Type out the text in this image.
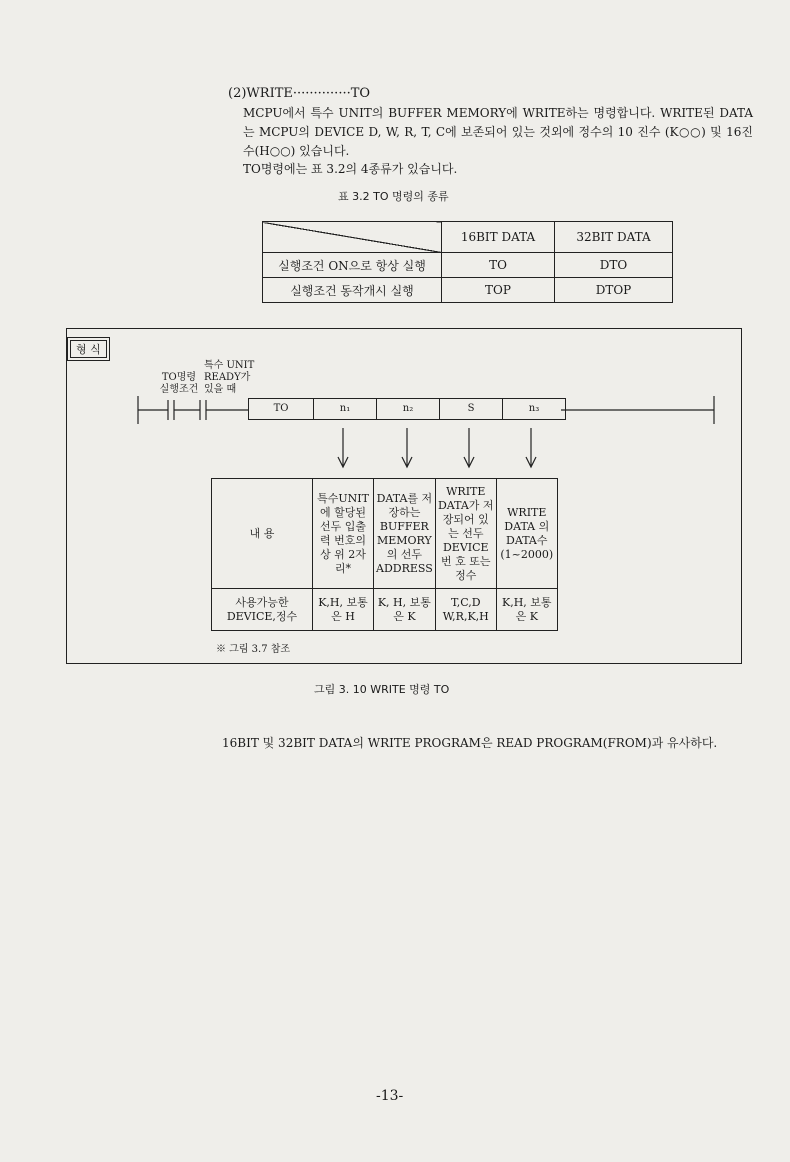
(2)WRITE··············TO
MCPU에서 특수 UNIT의 BUFFER MEMORY에 WRITE하는 명령합니다. WRITE된 DATA는 MCPU의 DEVICE D, W, R, T, C에 보존되어 있는 것외에 정수의 10 진수 (K○○) 및 16진수(H○○) 있습니다.
TO명령에는 표 3.2의 4종류가 있습니다.
표 3.2 TO 명령의 종류
	16BIT DATA	32BIT DATA
실행조건 ON으로 항상 실행	TO	DTO
실행조건 동작개시 실행	TOP	DTOP
형 식
TO명령 실행조건
특수 UNIT READY가 있을 때
TO	n₁	n₂	S	n₃
내 용	특수UNIT 에 할당된 선두 입출력 번호의 상 위 2자리*	DATA를 저장하는 BUFFER MEMORY 의 선두 ADDRESS	WRITE DATA가 저장되어 있는 선두 DEVICE번 호 또는 정수	WRITE DATA 의 DATA수 (1~2000)
사용가능한 DEVICE,정수	K,H, 보통은 H	K, H, 보통은 K	T,C,D W,R,K,H	K,H, 보통은 K
※ 그림 3.7 참조
그림 3. 10 WRITE 명령 TO
16BIT 및 32BIT DATA의 WRITE PROGRAM은 READ PROGRAM(FROM)과 유사하다.
-13-
